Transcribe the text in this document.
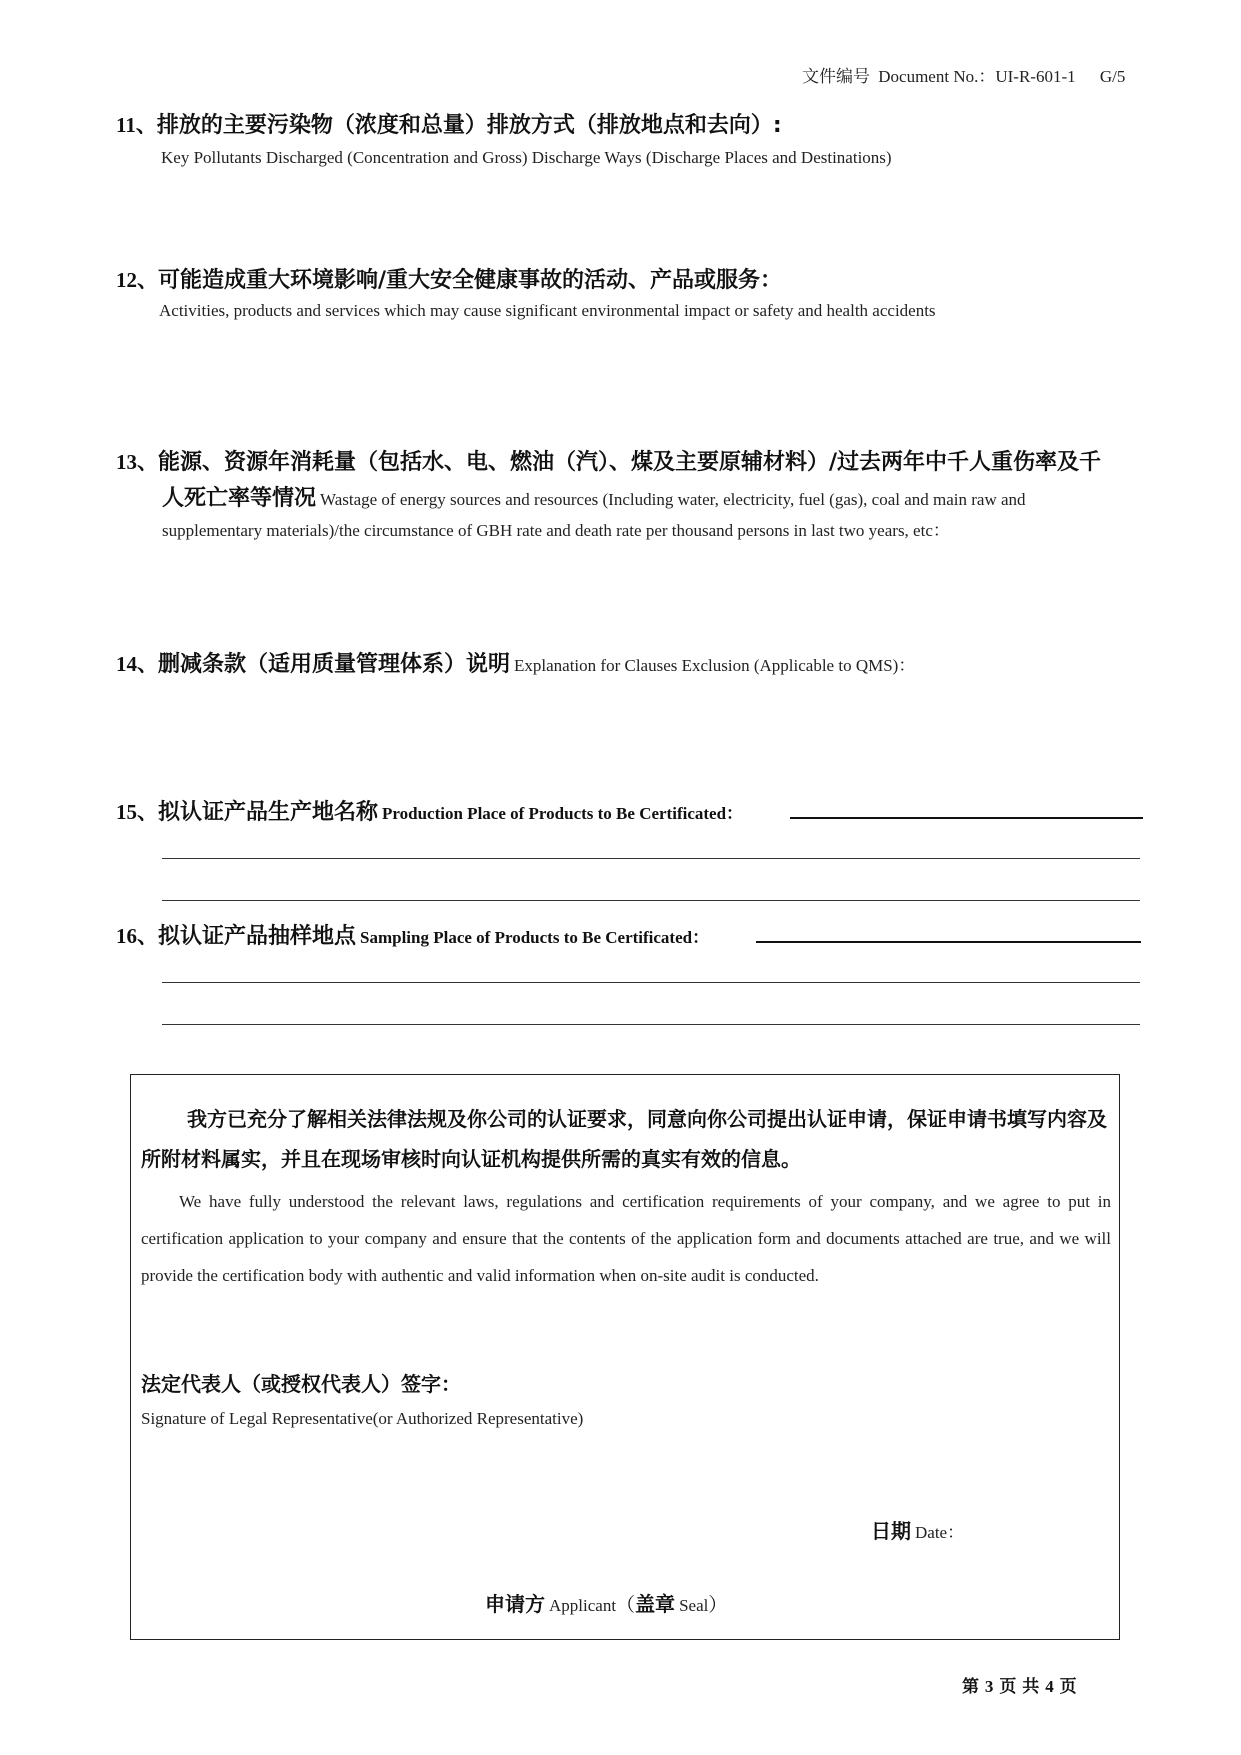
文件编号 Document No.：UI-R-601-1 G/5
11、排放的主要污染物（浓度和总量）排放方式（排放地点和去向）:
Key Pollutants Discharged (Concentration and Gross) Discharge Ways (Discharge Places and Destinations)
12、可能造成重大环境影响/重大安全健康事故的活动、产品或服务：
Activities, products and services which may cause significant environmental impact or safety and health accidents
13、能源、资源年消耗量（包括水、电、燃油（汽）、煤及主要原辅材料）/过去两年中千人重伤率及千
人死亡率等情况 Wastage of energy sources and resources (Including water, electricity, fuel (gas), coal and main raw and
supplementary materials)/the circumstance of GBH rate and death rate per thousand persons in last two years, etc：
14、删减条款（适用质量管理体系）说明 Explanation for Clauses Exclusion (Applicable to QMS)：
15、拟认证产品生产地名称 Production Place of Products to Be Certificated：
16、拟认证产品抽样地点 Sampling Place of Products to Be Certificated：
我方已充分了解相关法律法规及你公司的认证要求，同意向你公司提出认证申请，保证申请书填写内容及所附材料属实，并且在现场审核时向认证机构提供所需的真实有效的信息。
We have fully understood the relevant laws, regulations and certification requirements of your company, and we agree to put in certification application to your company and ensure that the contents of the application form and documents attached are true, and we will provide the certification body with authentic and valid information when on-site audit is conducted.
法定代表人（或授权代表人）签字：
Signature of Legal Representative(or Authorized Representative)
日期 Date：
申请方 Applicant（盖章 Seal）
第 3 页 共 4 页
